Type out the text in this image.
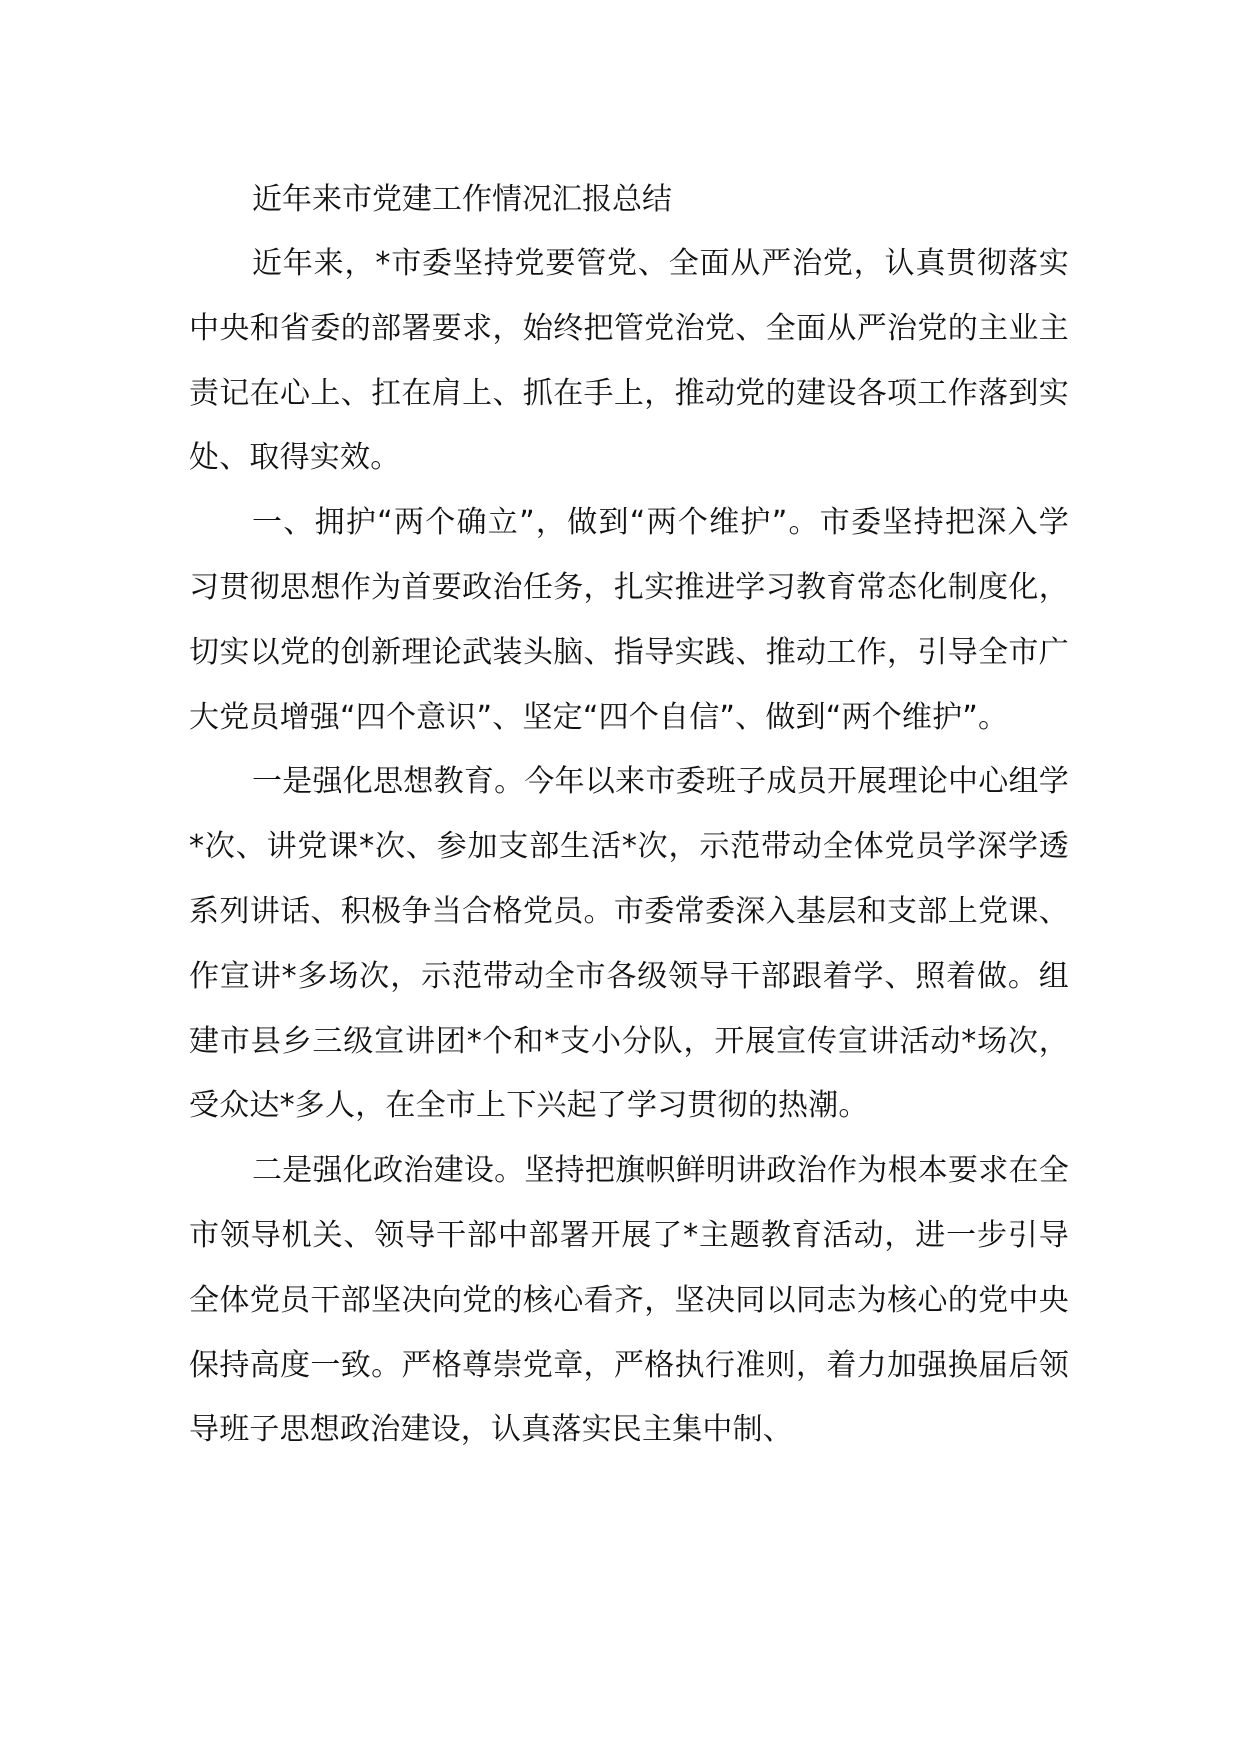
近年来市党建工作情况汇报总结

近年来，*市委坚持党要管党、全面从严治党，认真贯彻落实中央和省委的部署要求，始终把管党治党、全面从严治党的主业主责记在心上、扛在肩上、抓在手上，推动党的建设各项工作落到实处、取得实效。

一、拥护“两个确立”，做到“两个维护”。市委坚持把深入学习贯彻思想作为首要政治任务，扎实推进学习教育常态化制度化，切实以党的创新理论武装头脑、指导实践、推动工作，引导全市广大党员增强“四个意识”、坚定“四个自信”、做到“两个维护”。

一是强化思想教育。今年以来市委班子成员开展理论中心组学*次、讲党课*次、参加支部生活*次，示范带动全体党员学深学透系列讲话、积极争当合格党员。市委常委深入基层和支部上党课、作宣讲*多场次，示范带动全市各级领导干部跟着学、照着做。组建市县乡三级宣讲团*个和*支小分队，开展宣传宣讲活动*场次，受众达*多人，在全市上下兴起了学习贯彻的热潮。

二是强化政治建设。坚持把旗帜鲜明讲政治作为根本要求在全市领导机关、领导干部中部署开展了*主题教育活动，进一步引导全体党员干部坚决向党的核心看齐，坚决同以同志为核心的党中央保持高度一致。严格尊崇党章，严格执行准则，着力加强换届后领导班子思想政治建设，认真落实民主集中制、
